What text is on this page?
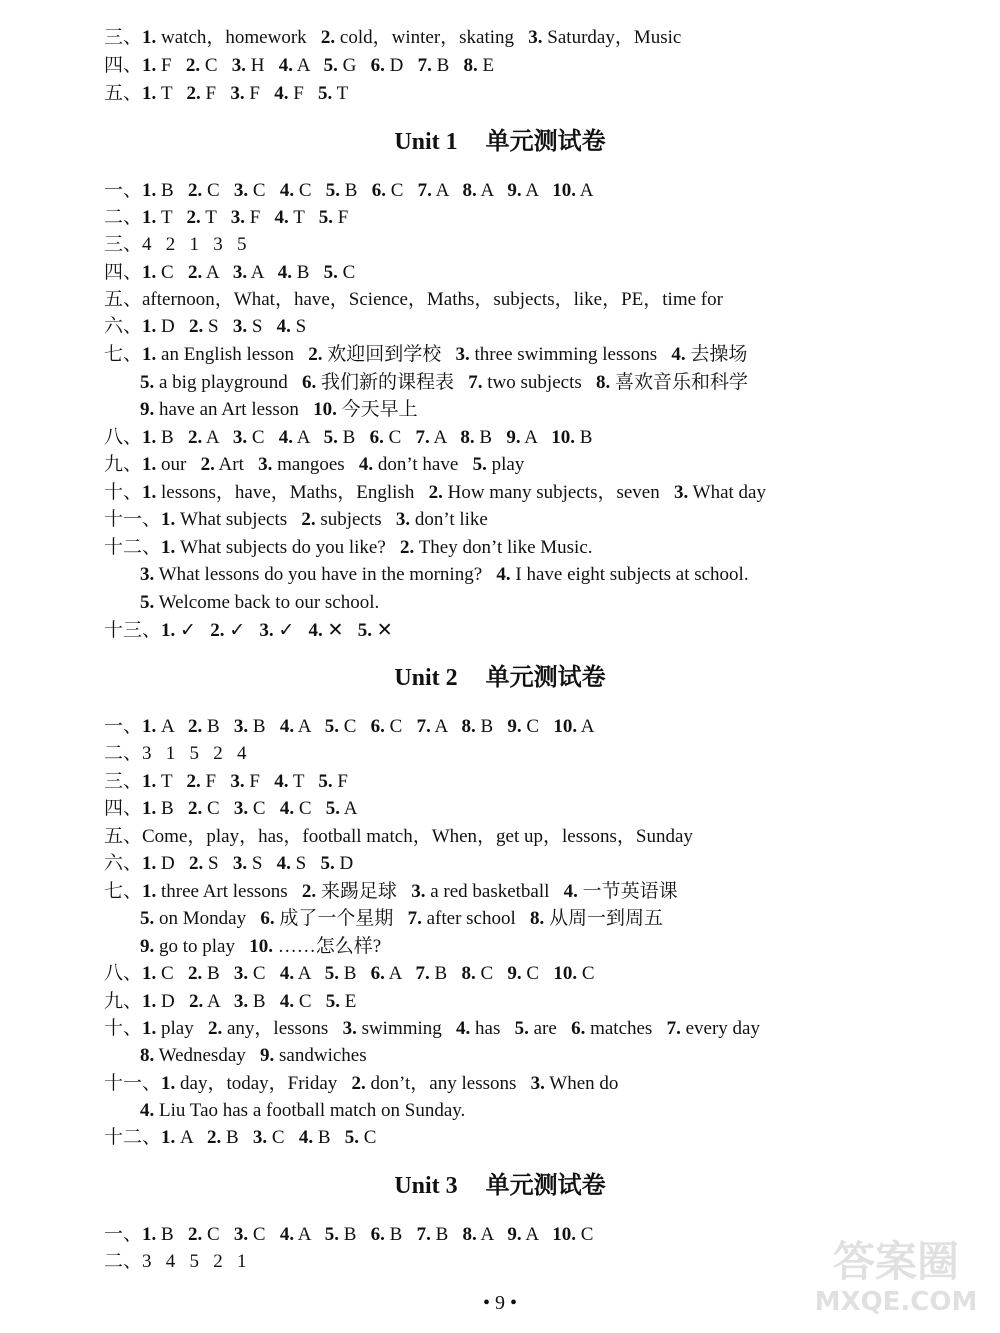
三、1. watch，homework   2. cold，winter，skating   3. Saturday，Music
四、1. F   2. C   3. H   4. A   5. G   6. D   7. B   8. E
五、1. T   2. F   3. F   4. F   5. T
Unit 1 单元测试卷
一、1. B   2. C   3. C   4. C   5. B   6. C   7. A   8. A   9. A   10. A
二、1. T   2. T   3. F   4. T   5. F
三、4   2   1   3   5
四、1. C   2. A   3. A   4. B   5. C
五、afternoon，What，have，Science，Maths，subjects，like，PE，time for
六、1. D   2. S   3. S   4. S
七、1. an English lesson   2. 欢迎回到学校   3. three swimming lessons   4. 去操场
5. a big playground   6. 我们新的课程表   7. two subjects   8. 喜欢音乐和科学
9. have an Art lesson   10. 今天早上
八、1. B   2. A   3. C   4. A   5. B   6. C   7. A   8. B   9. A   10. B
九、1. our   2. Art   3. mangoes   4. don’t have   5. play
十、1. lessons，have，Maths，English   2. How many subjects，seven   3. What day
十一、1. What subjects   2. subjects   3. don’t like
十二、1. What subjects do you like?   2. They don’t like Music.
3. What lessons do you have in the morning?   4. I have eight subjects at school.
5. Welcome back to our school.
十三、1. ✓   2. ✓   3. ✓   4. ✕   5. ✕
Unit 2 单元测试卷
一、1. A   2. B   3. B   4. A   5. C   6. C   7. A   8. B   9. C   10. A
二、3   1   5   2   4
三、1. T   2. F   3. F   4. T   5. F
四、1. B   2. C   3. C   4. C   5. A
五、Come，play，has，football match，When，get up，lessons，Sunday
六、1. D   2. S   3. S   4. S   5. D
七、1. three Art lessons   2. 来踢足球   3. a red basketball   4. 一节英语课
5. on Monday   6. 成了一个星期   7. after school   8. 从周一到周五
9. go to play   10. ……怎么样?
八、1. C   2. B   3. C   4. A   5. B   6. A   7. B   8. C   9. C   10. C
九、1. D   2. A   3. B   4. C   5. E
十、1. play   2. any，lessons   3. swimming   4. has   5. are   6. matches   7. every day
8. Wednesday   9. sandwiches
十一、1. day，today，Friday   2. don’t，any lessons   3. When do
4. Liu Tao has a football match on Sunday.
十二、1. A   2. B   3. C   4. B   5. C
Unit 3 单元测试卷
一、1. B   2. C   3. C   4. A   5. B   6. B   7. B   8. A   9. A   10. C
二、3   4   5   2   1
• 9 •
答案圈
MXQE.COM
